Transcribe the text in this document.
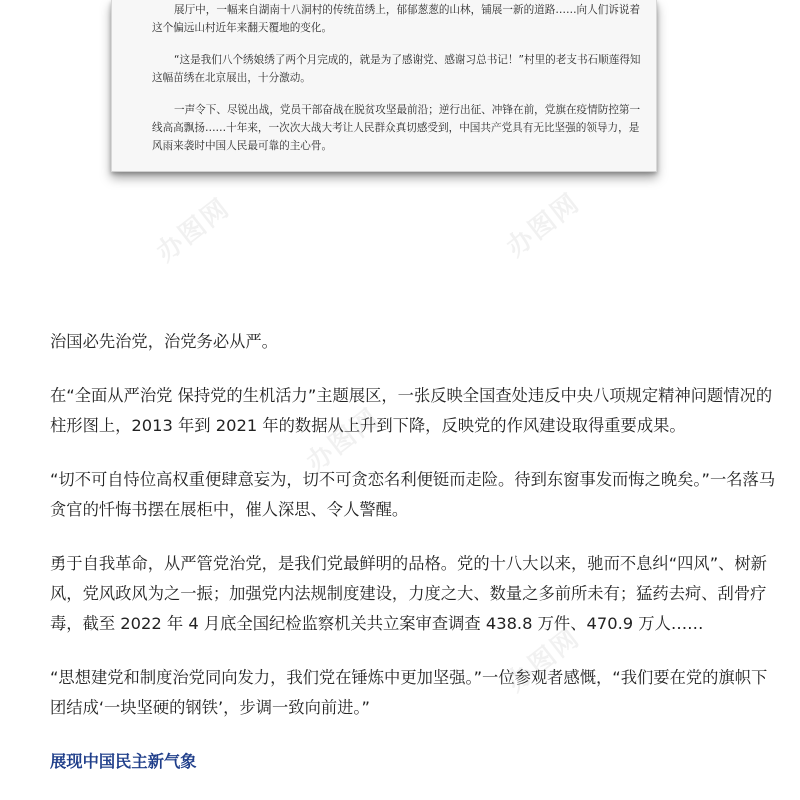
展厅中，一幅来自湖南十八洞村的传统苗绣上，郁郁葱葱的山林，铺展一新的道路……向人们诉说着这个偏远山村近年来翻天覆地的变化。

“这是我们八个绣娘绣了两个月完成的，就是为了感谢党、感谢习总书记！”村里的老支书石顺莲得知这幅苗绣在北京展出，十分激动。

一声令下、尽锐出战，党员干部奋战在脱贫攻坚最前沿；逆行出征、冲锋在前，党旗在疫情防控第一线高高飘扬……十年来，一次次大战大考让人民群众真切感受到，中国共产党具有无比坚强的领导力，是风雨来袭时中国人民最可靠的主心骨。

治国必先治党，治党务必从严。

在“全面从严治党 保持党的生机活力”主题展区，一张反映全国查处违反中央八项规定精神问题情况的柱形图上，2013 年到 2021 年的数据从上升到下降，反映党的作风建设取得重要成果。

“切不可自恃位高权重便肆意妄为，切不可贪恋名利便铤而走险。待到东窗事发而悔之晚矣。”一名落马贪官的忏悔书摆在展柜中，催人深思、令人警醒。

勇于自我革命，从严管党治党，是我们党最鲜明的品格。党的十八大以来，驰而不息纠“四风”、树新风，党风政风为之一振；加强党内法规制度建设，力度之大、数量之多前所未有；猛药去疴、刮骨疗毒，截至 2022 年 4 月底全国纪检监察机关共立案审查调查 438.8 万件、470.9 万人……

“思想建党和制度治党同向发力，我们党在锤炼中更加坚强。”一位参观者感慨，“我们要在党的旗帜下团结成‘一块坚硬的钢铁’，步调一致向前进。”

展现中国民主新气象
办图网	办图网
办图网
办图网
